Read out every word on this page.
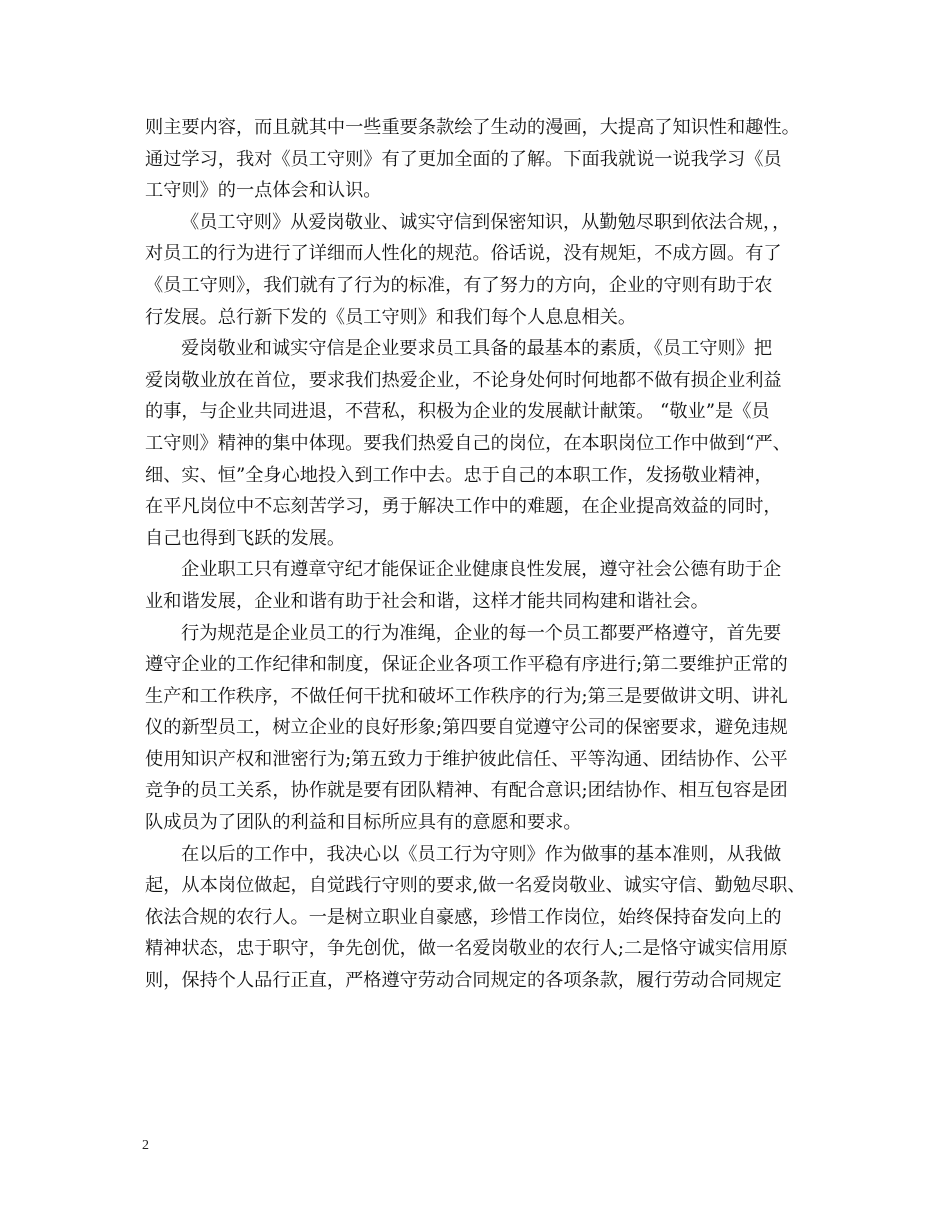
则主要内容，而且就其中一些重要条款绘了生动的漫画，大提高了知识性和趣性。
通过学习，我对《员工守则》有了更加全面的了解。下面我就说一说我学习《员
工守则》的一点体会和认识。
《员工守则》从爱岗敬业、诚实守信到保密知识，从勤勉尽职到依法合规，，
对员工的行为进行了详细而人性化的规范。俗话说，没有规矩，不成方圆。有了
《员工守则》，我们就有了行为的标准，有了努力的方向，企业的守则有助于农
行发展。总行新下发的《员工守则》和我们每个人息息相关。
爱岗敬业和诚实守信是企业要求员工具备的最基本的素质，《员工守则》把
爱岗敬业放在首位，要求我们热爱企业，不论身处何时何地都不做有损企业利益
的事，与企业共同进退，不营私，积极为企业的发展献计献策。 “敬业”是《员
工守则》精神的集中体现。要我们热爱自己的岗位，在本职岗位工作中做到“严、
细、实、恒”全身心地投入到工作中去。忠于自己的本职工作，发扬敬业精神，
在平凡岗位中不忘刻苦学习，勇于解决工作中的难题，在企业提高效益的同时，
自己也得到飞跃的发展。
企业职工只有遵章守纪才能保证企业健康良性发展，遵守社会公德有助于企
业和谐发展，企业和谐有助于社会和谐，这样才能共同构建和谐社会。
行为规范是企业员工的行为准绳，企业的每一个员工都要严格遵守，首先要
遵守企业的工作纪律和制度，保证企业各项工作平稳有序进行;第二要维护正常的
生产和工作秩序，不做任何干扰和破坏工作秩序的行为;第三是要做讲文明、讲礼
仪的新型员工，树立企业的良好形象;第四要自觉遵守公司的保密要求，避免违规
使用知识产权和泄密行为;第五致力于维护彼此信任、平等沟通、团结协作、公平
竞争的员工关系，协作就是要有团队精神、有配合意识;团结协作、相互包容是团
队成员为了团队的利益和目标所应具有的意愿和要求。
在以后的工作中，我决心以《员工行为守则》作为做事的基本准则，从我做
起，从本岗位做起，自觉践行守则的要求,做一名爱岗敬业、诚实守信、勤勉尽职、
依法合规的农行人。一是树立职业自豪感，珍惜工作岗位，始终保持奋发向上的
精神状态，忠于职守，争先创优，做一名爱岗敬业的农行人;二是恪守诚实信用原
则，保持个人品行正直，严格遵守劳动合同规定的各项条款，履行劳动合同规定
2
